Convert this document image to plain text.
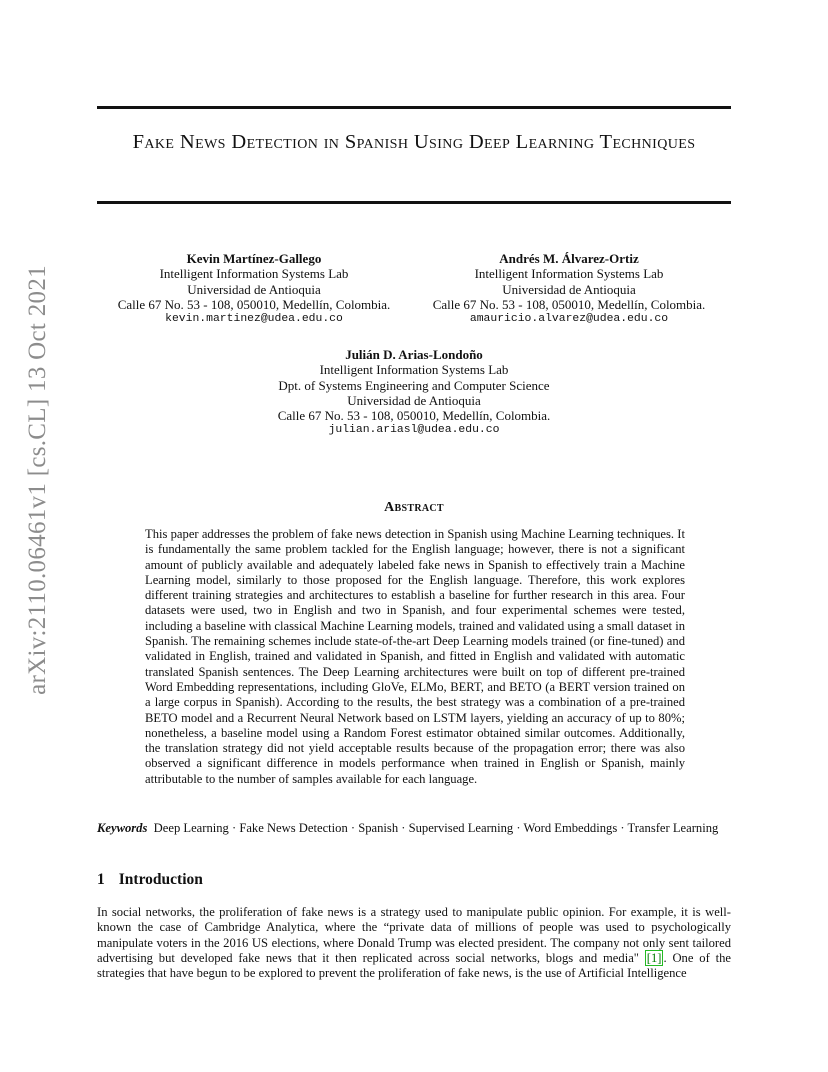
arXiv:2110.06461v1 [cs.CL] 13 Oct 2021
Fake News Detection in Spanish Using Deep Learning Techniques
Kevin Martínez-Gallego
Intelligent Information Systems Lab
Universidad de Antioquia
Calle 67 No. 53 - 108, 050010, Medellín, Colombia.
kevin.martinez@udea.edu.co
Andrés M. Álvarez-Ortiz
Intelligent Information Systems Lab
Universidad de Antioquia
Calle 67 No. 53 - 108, 050010, Medellín, Colombia.
amauricio.alvarez@udea.edu.co
Julián D. Arias-Londoño
Intelligent Information Systems Lab
Dpt. of Systems Engineering and Computer Science
Universidad de Antioquia
Calle 67 No. 53 - 108, 050010, Medellín, Colombia.
julian.ariasl@udea.edu.co
Abstract

This paper addresses the problem of fake news detection in Spanish using Machine Learning techniques. It is fundamentally the same problem tackled for the English language; however, there is not a significant amount of publicly available and adequately labeled fake news in Spanish to effectively train a Machine Learning model, similarly to those proposed for the English language. Therefore, this work explores different training strategies and architectures to establish a baseline for further research in this area. Four datasets were used, two in English and two in Spanish, and four experimental schemes were tested, including a baseline with classical Machine Learning models, trained and validated using a small dataset in Spanish. The remaining schemes include state-of-the-art Deep Learning models trained (or fine-tuned) and validated in English, trained and validated in Spanish, and fitted in English and validated with automatic translated Spanish sentences. The Deep Learning architectures were built on top of different pre-trained Word Embedding representations, including GloVe, ELMo, BERT, and BETO (a BERT version trained on a large corpus in Spanish). According to the results, the best strategy was a combination of a pre-trained BETO model and a Recurrent Neural Network based on LSTM layers, yielding an accuracy of up to 80%; nonetheless, a baseline model using a Random Forest estimator obtained similar outcomes. Additionally, the translation strategy did not yield acceptable results because of the propagation error; there was also observed a significant difference in models performance when trained in English or Spanish, mainly attributable to the number of samples available for each language.

Keywords Deep Learning · Fake News Detection · Spanish · Supervised Learning · Word Embeddings · Transfer Learning
1 Introduction

In social networks, the proliferation of fake news is a strategy used to manipulate public opinion. For example, it is well-known the case of Cambridge Analytica, where the “private data of millions of people was used to psychologically manipulate voters in the 2016 US elections, where Donald Trump was elected president. The company not only sent tailored advertising but developed fake news that it then replicated across social networks, blogs and media" [1] . One of the strategies that have begun to be explored to prevent the proliferation of fake news, is the use of Artificial Intelligence
